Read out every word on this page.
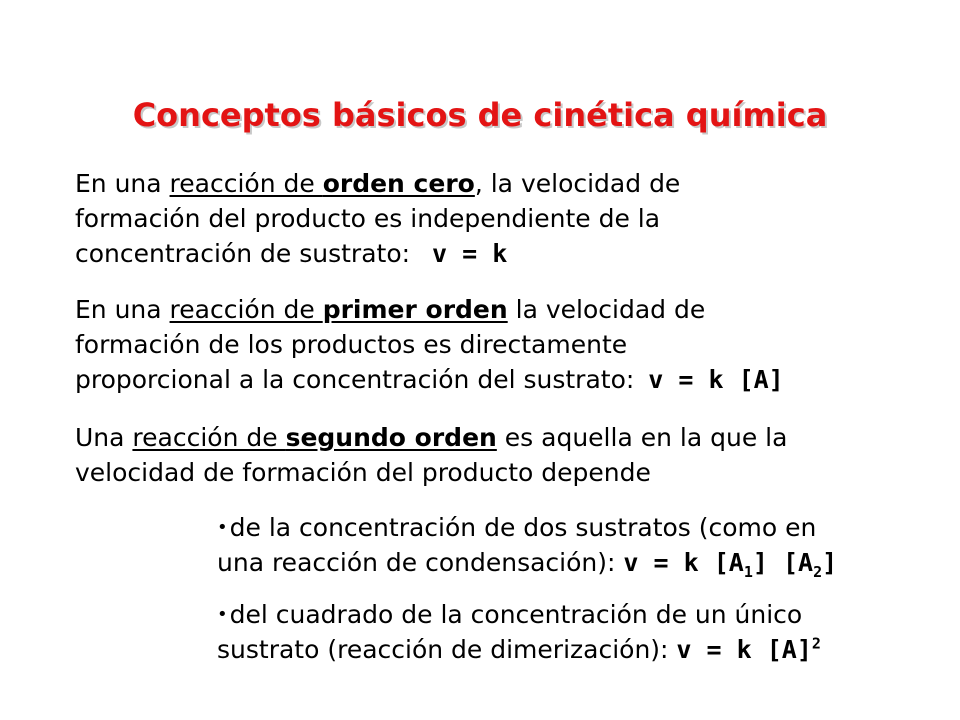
Conceptos básicos de cinética química
En una reacción de orden cero, la velocidad de
formación del producto es independiente de la
concentración de sustrato: v = k
En una reacción de primer orden la velocidad de
formación de los productos es directamente
proporcional a la concentración del sustrato: v = k [A]
Una reacción de segundo orden es aquella en la que la
velocidad de formación del producto depende
•de la concentración de dos sustratos (como en
una reacción de condensación): v = k $[A_1]$ $[A_2]$
•del cuadrado de la concentración de un único
sustrato (reacción de dimerización): v = k $[A]^2$
